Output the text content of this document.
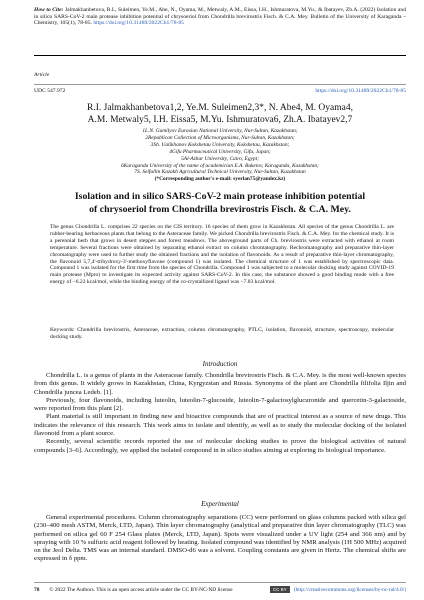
How to Cite: Jalmakhanbetova, R.I., Suleimen, Ye.M., Abe, N., Oyama, M., Metwaly, A.M., Eissa, I.H., Ishmuratova, M.Yu., & Ibatayev, Zh.A. (2022) Isolation and in silico SARS-CoV-2 main protease inhibition potential of chrysoeriol from Chondrilla brevirostris Fisch. & C.A. Mey. Bulletin of the University of Karaganda – Chemistry, 105(1), 78-85. https://doi.org/10.31489/2022Ch1/78-85
Article
UDC 547.972	https://doi.org/10.31489/2022Ch1/78-85
R.I. Jalmakhanbetova1,2, Ye.M. Suleimen2,3*, N. Abe4, M. Oyama4,
A.M. Metwaly5, I.H. Eissa5, M.Yu. Ishmuratova6, Zh.A. Ibatayev2,7
1L.N. Gumilyov Eurasian National University, Nur-Sultan, Kazakhstan;
2Republican Collection of Microorganisms, Nur-Sultan, Kazakhstan;
3Sh. Ualikhanov Kokshetau University, Kokshetau, Kazakhstan;
4Gifu Pharmaceutical University, Gifu, Japan;
5Al-Azhar University, Cairo, Egypt;
6Karaganda University of the name of academician E.A. Buketov, Karaganda, Kazakhstan;
7S. Seifullin Kazakh Agricultural Technical University, Nur-Sultan, Kazakhstan
(*Corresponding author's e-mail: syerlan75@yandex.kz)
Isolation and in silico SARS-CoV-2 main protease inhibition potential
of chrysoeriol from Chondrilla brevirostris Fisch. & C.A. Mey.
The genus Chondrilla L. comprises 22 species on the CIS territory. 16 species of them grow in Kazakhstan. All species of the genus Chondrilla L. are rubber-bearing herbaceous plants that belong to the Asteraceae family. We picked Chondrilla brevirostris Fisch. & C.A. Mey. for the chemical study. It is a perennial herb that grows in desert steppes and forest meadows. The aboveground parts of Ch. brevirostris were extracted with ethanol at room temperature. Several fractions were obtained by separating ethanol extract on column chromatography. Rechromatography and preparative thin-layer chromatography were used to further study the obtained fractions and the isolation of flavonoids. As a result of preparative thin-layer chromatography, the flavonoid 5,7,4'-trihydroxy-3'-methoxyflavone (compound 1) was isolated. The chemical structure of 1 was established by spectroscopic data. Compound 1 was isolated for the first time from the species of Chondrilla. Compound 1 was subjected to a molecular docking study against COVID-19 main protease (Mpro) to investigate its expected activity against SARS-CoV-2. In this case, the substance showed a good binding mode with a free energy of −6.22 kcal/mol, while the binding energy of the co-crystallized ligand was −7.83 kcal/mol.
Keywords: Chondrilla brevirostris, Asteraceae, extraction, column chromatography, PTLC, isolation, flavonoid, structure, spectroscopy, molecular docking study.
Introduction

Chondrilla L. is a genus of plants in the Asteraceae family. Chondrilla brevirostris Fisch. & C.A. Mey. is the most well-known species from this genus. It widely grows in Kazakhstan, China, Kyrgyzstan and Russia. Synonyms of the plant are Chondrilla filifolia Iljin and Chondrilla juncea Ledeb. [1].

Previously, four flavonoids, including luteolin, luteolin-7-glucoside, luteolin-7-galactosylglucuronide and quercetin-3-galactoside, were reported from this plant [2].

Plant material is still important in finding new and bioactive compounds that are of practical interest as a source of new drugs. This indicates the relevance of this research. This work aims to isolate and identify, as well as to study the molecular docking of the isolated flavonoid from a plant source.

Recently, several scientific records reported the use of molecular docking studies to prove the biological activities of natural compounds [3–6]. Accordingly, we applied the isolated compound in in silico studies aiming at exploring its biological importance.

Experimental

General experimental procedures. Column chromatography separations (CC) were performed on glass columns packed with silica gel (230–400 mesh ASTM, Merck, LTD, Japan). Thin layer chromatography (analytical and preparative thin layer chromatography (TLC) was performed on silica gel 60 F 254 Glass plates (Merck, LTD, Japan). Spots were visualized under a UV light (254 and 366 nm) and by spraying with 10 % sulfuric acid reagent followed by heating. Isolated compound was identified by NMR analysis (1H 500 MHz) acquired on the Jeol Delta. TMS was an internal standard. DMSO-d6 was a solvent. Coupling constants are given in Hertz. The chemical shifts are expressed in δ ppm.

78 © 2022 The Authors. This is an open access article under the CC BY-NC-ND license	CC BY NC ND
(http://creativecommons.org/licenses/by-nc-nd/4.0/)
